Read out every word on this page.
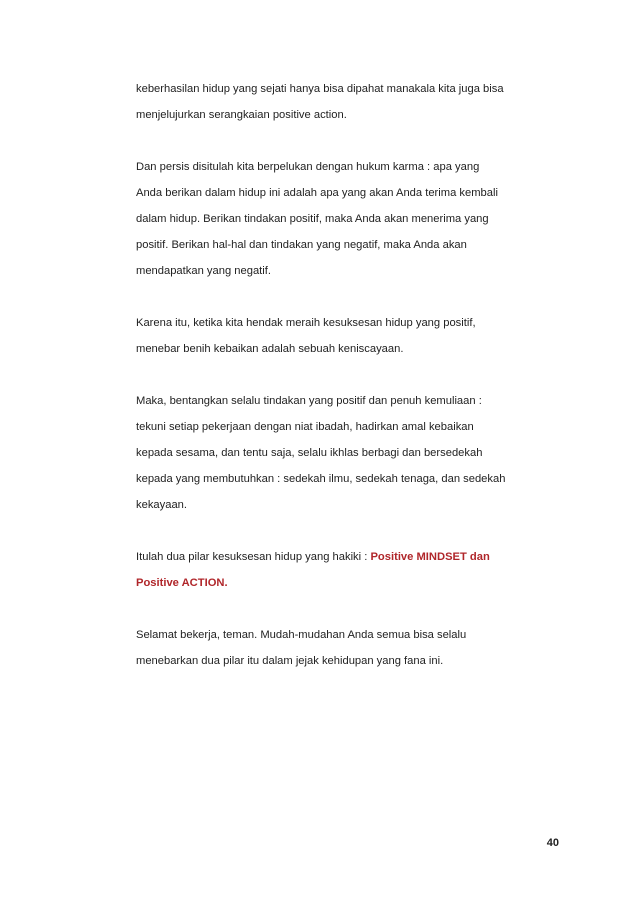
keberhasilan hidup yang sejati hanya bisa dipahat manakala kita juga bisa
menjelujurkan serangkaian positive action.
Dan persis disitulah kita berpelukan dengan hukum karma : apa yang
Anda berikan dalam hidup ini adalah apa yang akan Anda terima kembali
dalam hidup. Berikan tindakan positif, maka Anda akan menerima yang
positif. Berikan hal-hal dan tindakan yang negatif, maka Anda akan
mendapatkan yang negatif.
Karena itu, ketika kita hendak meraih kesuksesan hidup yang positif,
menebar benih kebaikan adalah sebuah keniscayaan.
Maka, bentangkan selalu tindakan yang positif dan penuh kemuliaan :
tekuni setiap pekerjaan dengan niat ibadah, hadirkan amal kebaikan
kepada sesama, dan tentu saja, selalu ikhlas berbagi dan bersedekah
kepada yang membutuhkan : sedekah ilmu, sedekah tenaga, dan sedekah
kekayaan.
Itulah dua pilar kesuksesan hidup yang hakiki : Positive MINDSET dan
Positive ACTION.
Selamat bekerja, teman. Mudah-mudahan Anda semua bisa selalu
menebarkan dua pilar itu dalam jejak kehidupan yang fana ini.
40
